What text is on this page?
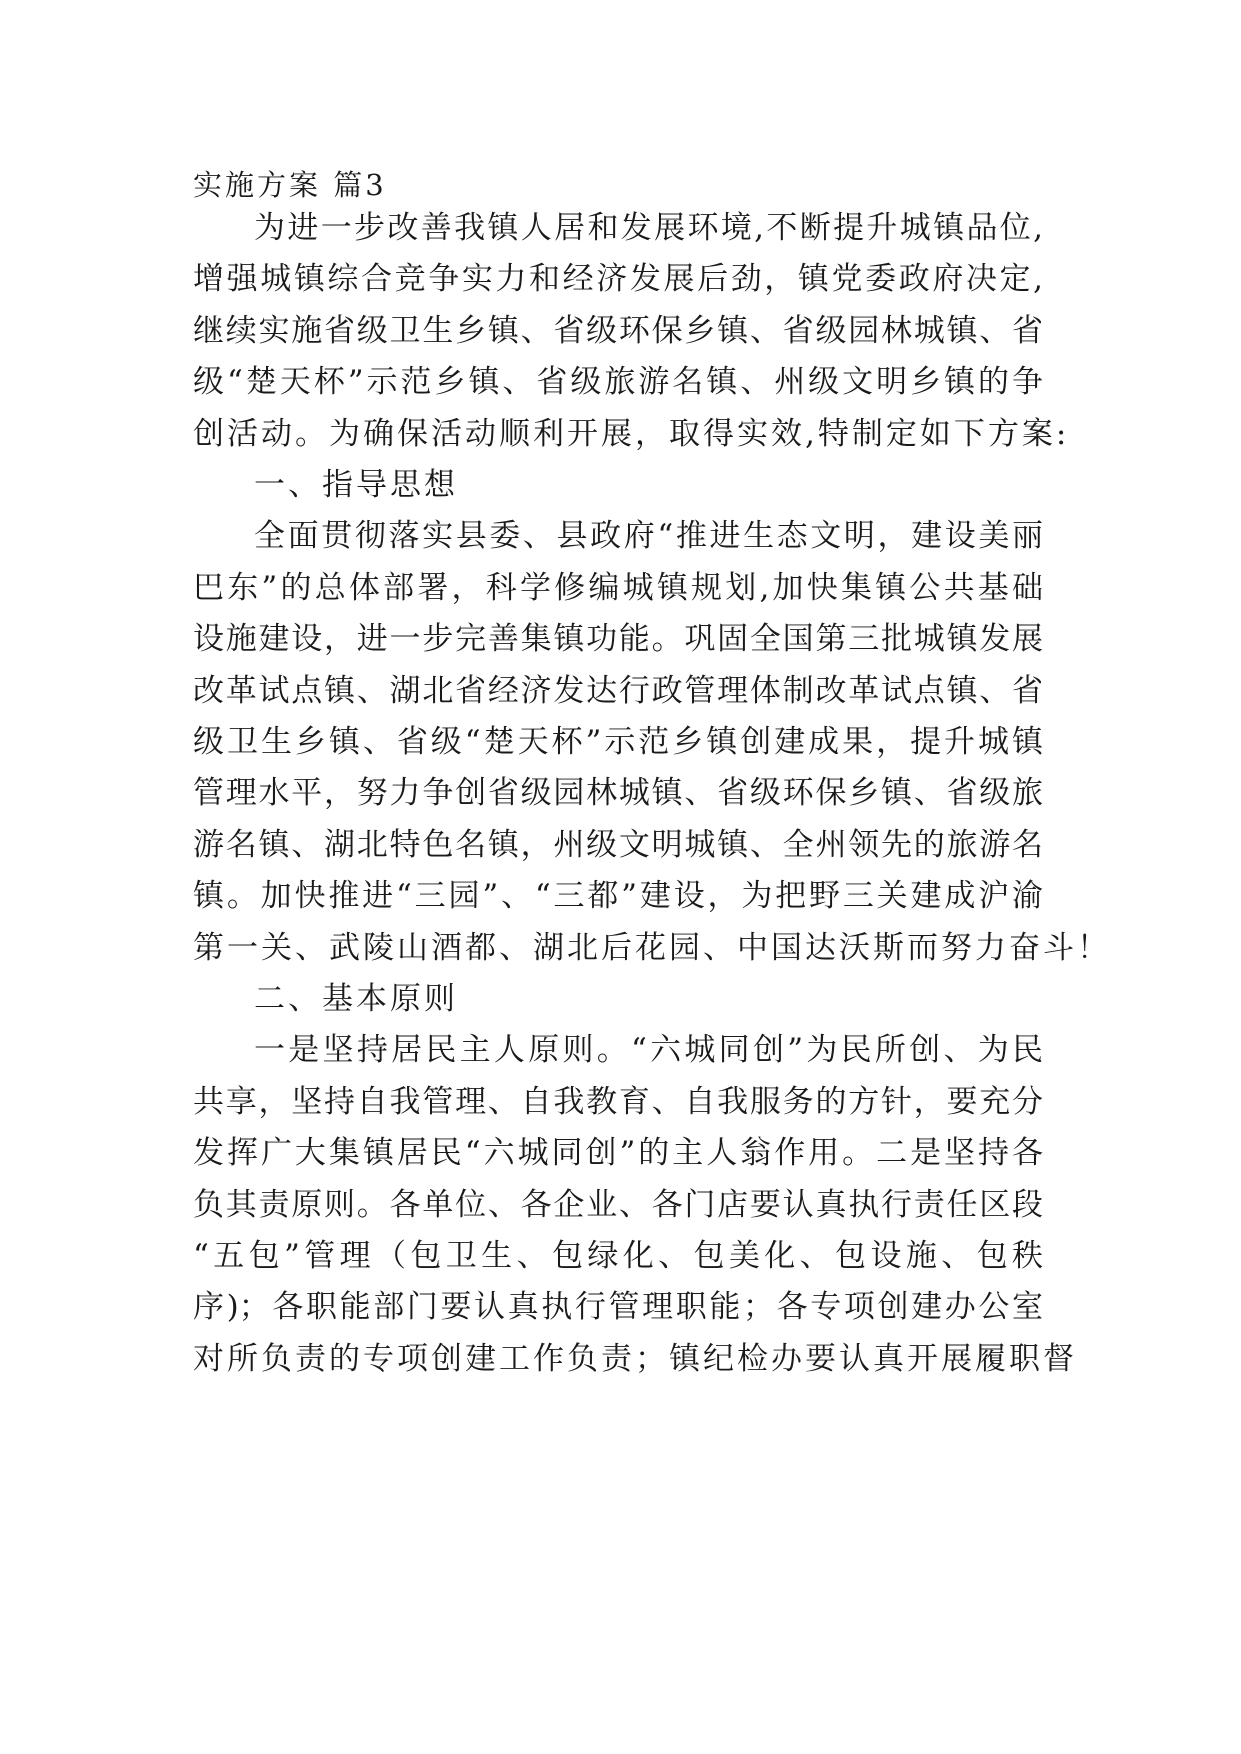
实施方案 篇3
为进一步改善我镇人居和发展环境,不断提升城镇品位,
增强城镇综合竞争实力和经济发展后劲，镇党委政府决定,
继续实施省级卫生乡镇、省级环保乡镇、省级园林城镇、省
级“楚天杯”示范乡镇、省级旅游名镇、州级文明乡镇的争
创活动。为确保活动顺利开展，取得实效,特制定如下方案:
一、指导思想
全面贯彻落实县委、县政府“推进生态文明，建设美丽
巴东”的总体部署，科学修编城镇规划,加快集镇公共基础
设施建设，进一步完善集镇功能。巩固全国第三批城镇发展
改革试点镇、湖北省经济发达行政管理体制改革试点镇、省
级卫生乡镇、省级“楚天杯”示范乡镇创建成果，提升城镇
管理水平，努力争创省级园林城镇、省级环保乡镇、省级旅
游名镇、湖北特色名镇，州级文明城镇、全州领先的旅游名
镇。加快推进“三园”、“三都”建设，为把野三关建成沪渝
第一关、武陵山酒都、湖北后花园、中国达沃斯而努力奋斗！
二、基本原则
一是坚持居民主人原则。“六城同创”为民所创、为民
共享，坚持自我管理、自我教育、自我服务的方针，要充分
发挥广大集镇居民“六城同创”的主人翁作用。二是坚持各
负其责原则。各单位、各企业、各门店要认真执行责任区段
“五包”管理（包卫生、包绿化、包美化、包设施、包秩
序)；各职能部门要认真执行管理职能；各专项创建办公室
对所负责的专项创建工作负责；镇纪检办要认真开展履职督
